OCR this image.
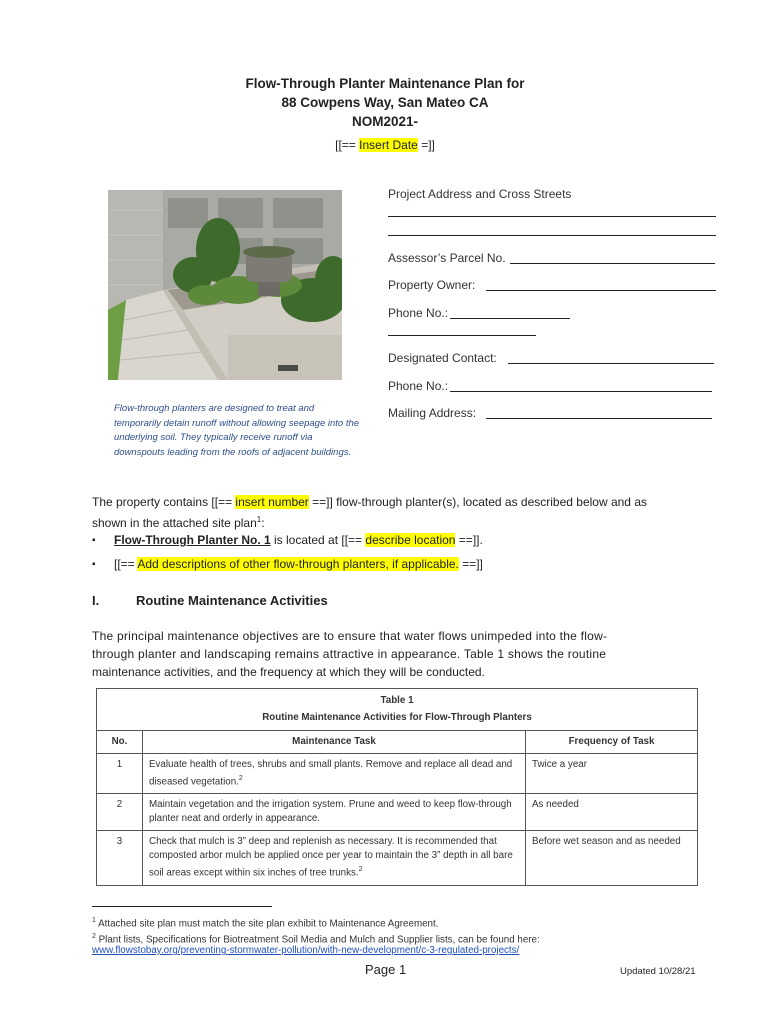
Flow-Through Planter Maintenance Plan for
88 Cowpens Way, San Mateo CA
NOM2021-
[[== Insert Date =]]
Flow-through planters are designed to treat and temporarily detain runoff without allowing seepage into the underlying soil. They typically receive runoff via downspouts leading from the roofs of adjacent buildings.
Project Address and Cross Streets
Assessor’s Parcel No.
Property Owner:
Phone No.:
Designated Contact:
Phone No.:
Mailing Address:
The property contains [[== insert number ==]] flow-through planter(s), located as described below and as
shown in the attached site plan$^1$:
▪ Flow-Through Planter No. 1 is located at [[== describe location ==]].
▪ [[== Add descriptions of other flow-through planters, if applicable. ==]]
I.	Routine Maintenance Activities
The principal maintenance objectives are to ensure that water flows unimpeded into the flow-
through planter and landscaping remains attractive in appearance. Table 1 shows the routine
maintenance activities, and the frequency at which they will be conducted.
Table 1
Routine Maintenance Activities for Flow-Through Planters		

No.	Maintenance Task	Frequency of Task
1	Evaluate health of trees, shrubs and small plants. Remove and replace all dead and diseased vegetation.$^2$	Twice a year
2	Maintain vegetation and the irrigation system. Prune and weed to keep flow-through planter neat and orderly in appearance.	As needed
3	Check that mulch is 3” deep and replenish as necessary. It is recommended that composted arbor mulch be applied once per year to maintain the 3” depth in all bare soil areas except within six inches of tree trunks.$^2$	Before wet season and as needed
$^1$ Attached site plan must match the site plan exhibit to Maintenance Agreement.
$^2$ Plant lists, Specifications for Biotreatment Soil Media and Mulch and Supplier lists, can be found here:
www.flowstobay.org/preventing-stormwater-pollution/with-new-development/c-3-regulated-projects/
Page 1	Updated 10/28/21
